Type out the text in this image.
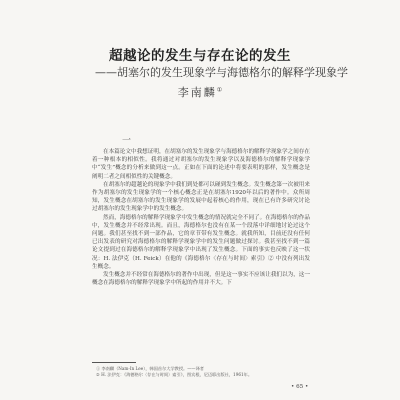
超越论的发生与存在论的发生
——胡塞尔的发生现象学与海德格尔的解释学现象学
李南麟①
一

在本篇论文中我想证明，在胡塞尔的发生现象学与海德格尔的解释学现象学之间存在着一种根本的相似性。我将通过对胡塞尔的发生现象学以及海德格尔的解释学现象学中“发生”概念的分析来做到这一点。正如在下面的论述中将要表明的那样，发生概念是阐明二者之间相似性的关键概念。

在胡塞尔的超越论的现象学中我们到处都可以碰到发生概念。发生概念第一次被用来作为胡塞尔的发生现象学的一个核心概念正是在胡塞尔1920年以后的著作中。众所周知，发生概念在胡塞尔的发生现象学的发展中起着核心的作用，现在已有许多研究讨论过胡塞尔的发生现象学中的发生概念。

然而，海德格尔的解释学现象学中发生概念的情况就完全不同了。在海德格尔的作品中，发生概念并不经常出现。而且，海德格尔也没有在某一个段落中详细地讨论过这个问题。我们甚至找不到一部作品，它的章节带有发生概念。就我所知，目前还没有任何已出发表的研究对海德格尔的解释学现象学中的发生问题做过探讨。我甚至找不到一篇论文提到过在海德格尔的解释学现象学中出现了发生概念。下面的事实也反映了这一状况：H. 法伊克（H. Feick）在他的《海德格尔〈存在与时间〉索引》② 中没有列出发生概念。

发生概念并不经常在海德格尔的著作中出现，但是这一事实不应该让我们以为，这一概念在海德格尔的解释学现象学中所起的作用并不大。下

① 李南麟（Nam-In Lee），韩国首尔大学教授。——译者
② H. 法伊克：《海德格尔〈存在与时间〉索引》，图宾根，尼迈耶出版社，1961年。
• 65 •
